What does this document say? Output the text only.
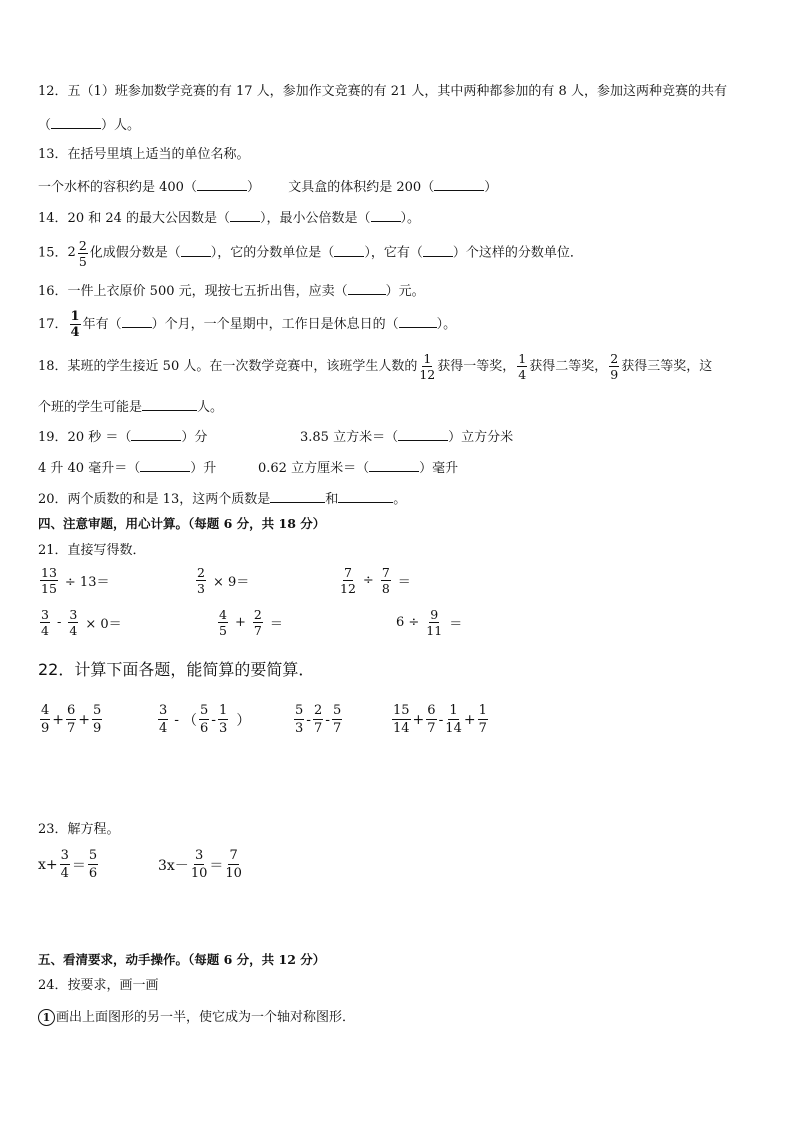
12．五（1）班参加数学竞赛的有 17 人，参加作文竞赛的有 21 人，其中两种都参加的有 8 人，参加这两种竞赛的共有
（	）人。
13．在括号里填上适当的单位名称。
一个水杯的容积约是 400（	） 文具盒的体积约是 200（	）
14．20 和 24 的最大公因数是（ ），最小公倍数是（ ）。
15． $2 \frac{2}{5}$ 化成假分数是（ ），它的分数单位是（ ），它有（ ）个这样的分数单位．
16．一件上衣原价 500 元，现按七五折出售，应卖（	）元。
17． $\frac{1}{4}$ 年有（ ）个月，一个星期中，工作日是休息日的（	）。
18．某班的学生接近 50 人。在一次数学竞赛中，该班学生人数的 $\frac{1}{12}$ 获得一等奖， $\frac{1}{4}$ 获得二等奖， $\frac{2}{9}$ 获得三等奖，这
个班的学生可能是	人。
19．20 秒 ＝（	）分	3.85 立方米＝（	）立方分米
4 升 40 毫升＝（	）升	0.62 立方厘米＝（	）毫升
20．两个质数的和是 13，这两个质数是	和	。
四、注意审题，用心计算。（每题 6 分，共 18 分）
21．直接写得数．
$\frac{13}{15} \div 13=$	$\frac{2}{3} \times 9=$	$\frac{7}{12} \div \frac{7}{8}$ ＝
$\frac{3}{4} - \frac{3}{4} \times 0=$	$\frac{4}{5} + \frac{2}{7}$ ＝	$6 \div \frac{9}{11}$ ＝
22．计算下面各题，能简算的要简算．
$\frac{4}{9} + \frac{6}{7} + \frac{5}{9}$	$\frac{3}{4}$ - （ $\frac{5}{6} - \frac{1}{3}$ ）	$\frac{5}{3} - \frac{2}{7} - \frac{5}{7}$	$\frac{15}{14} + \frac{6}{7} - \frac{1}{14} + \frac{1}{7}$
23．解方程。
$x+ \frac{3}{4} = \frac{5}{6}$	$3x- \frac{3}{10} = \frac{7}{10}$
五、看清要求，动手操作。（每题 6 分，共 12 分）
24．按要求，画一画
1 画出上面图形的另一半，使它成为一个轴对称图形．
